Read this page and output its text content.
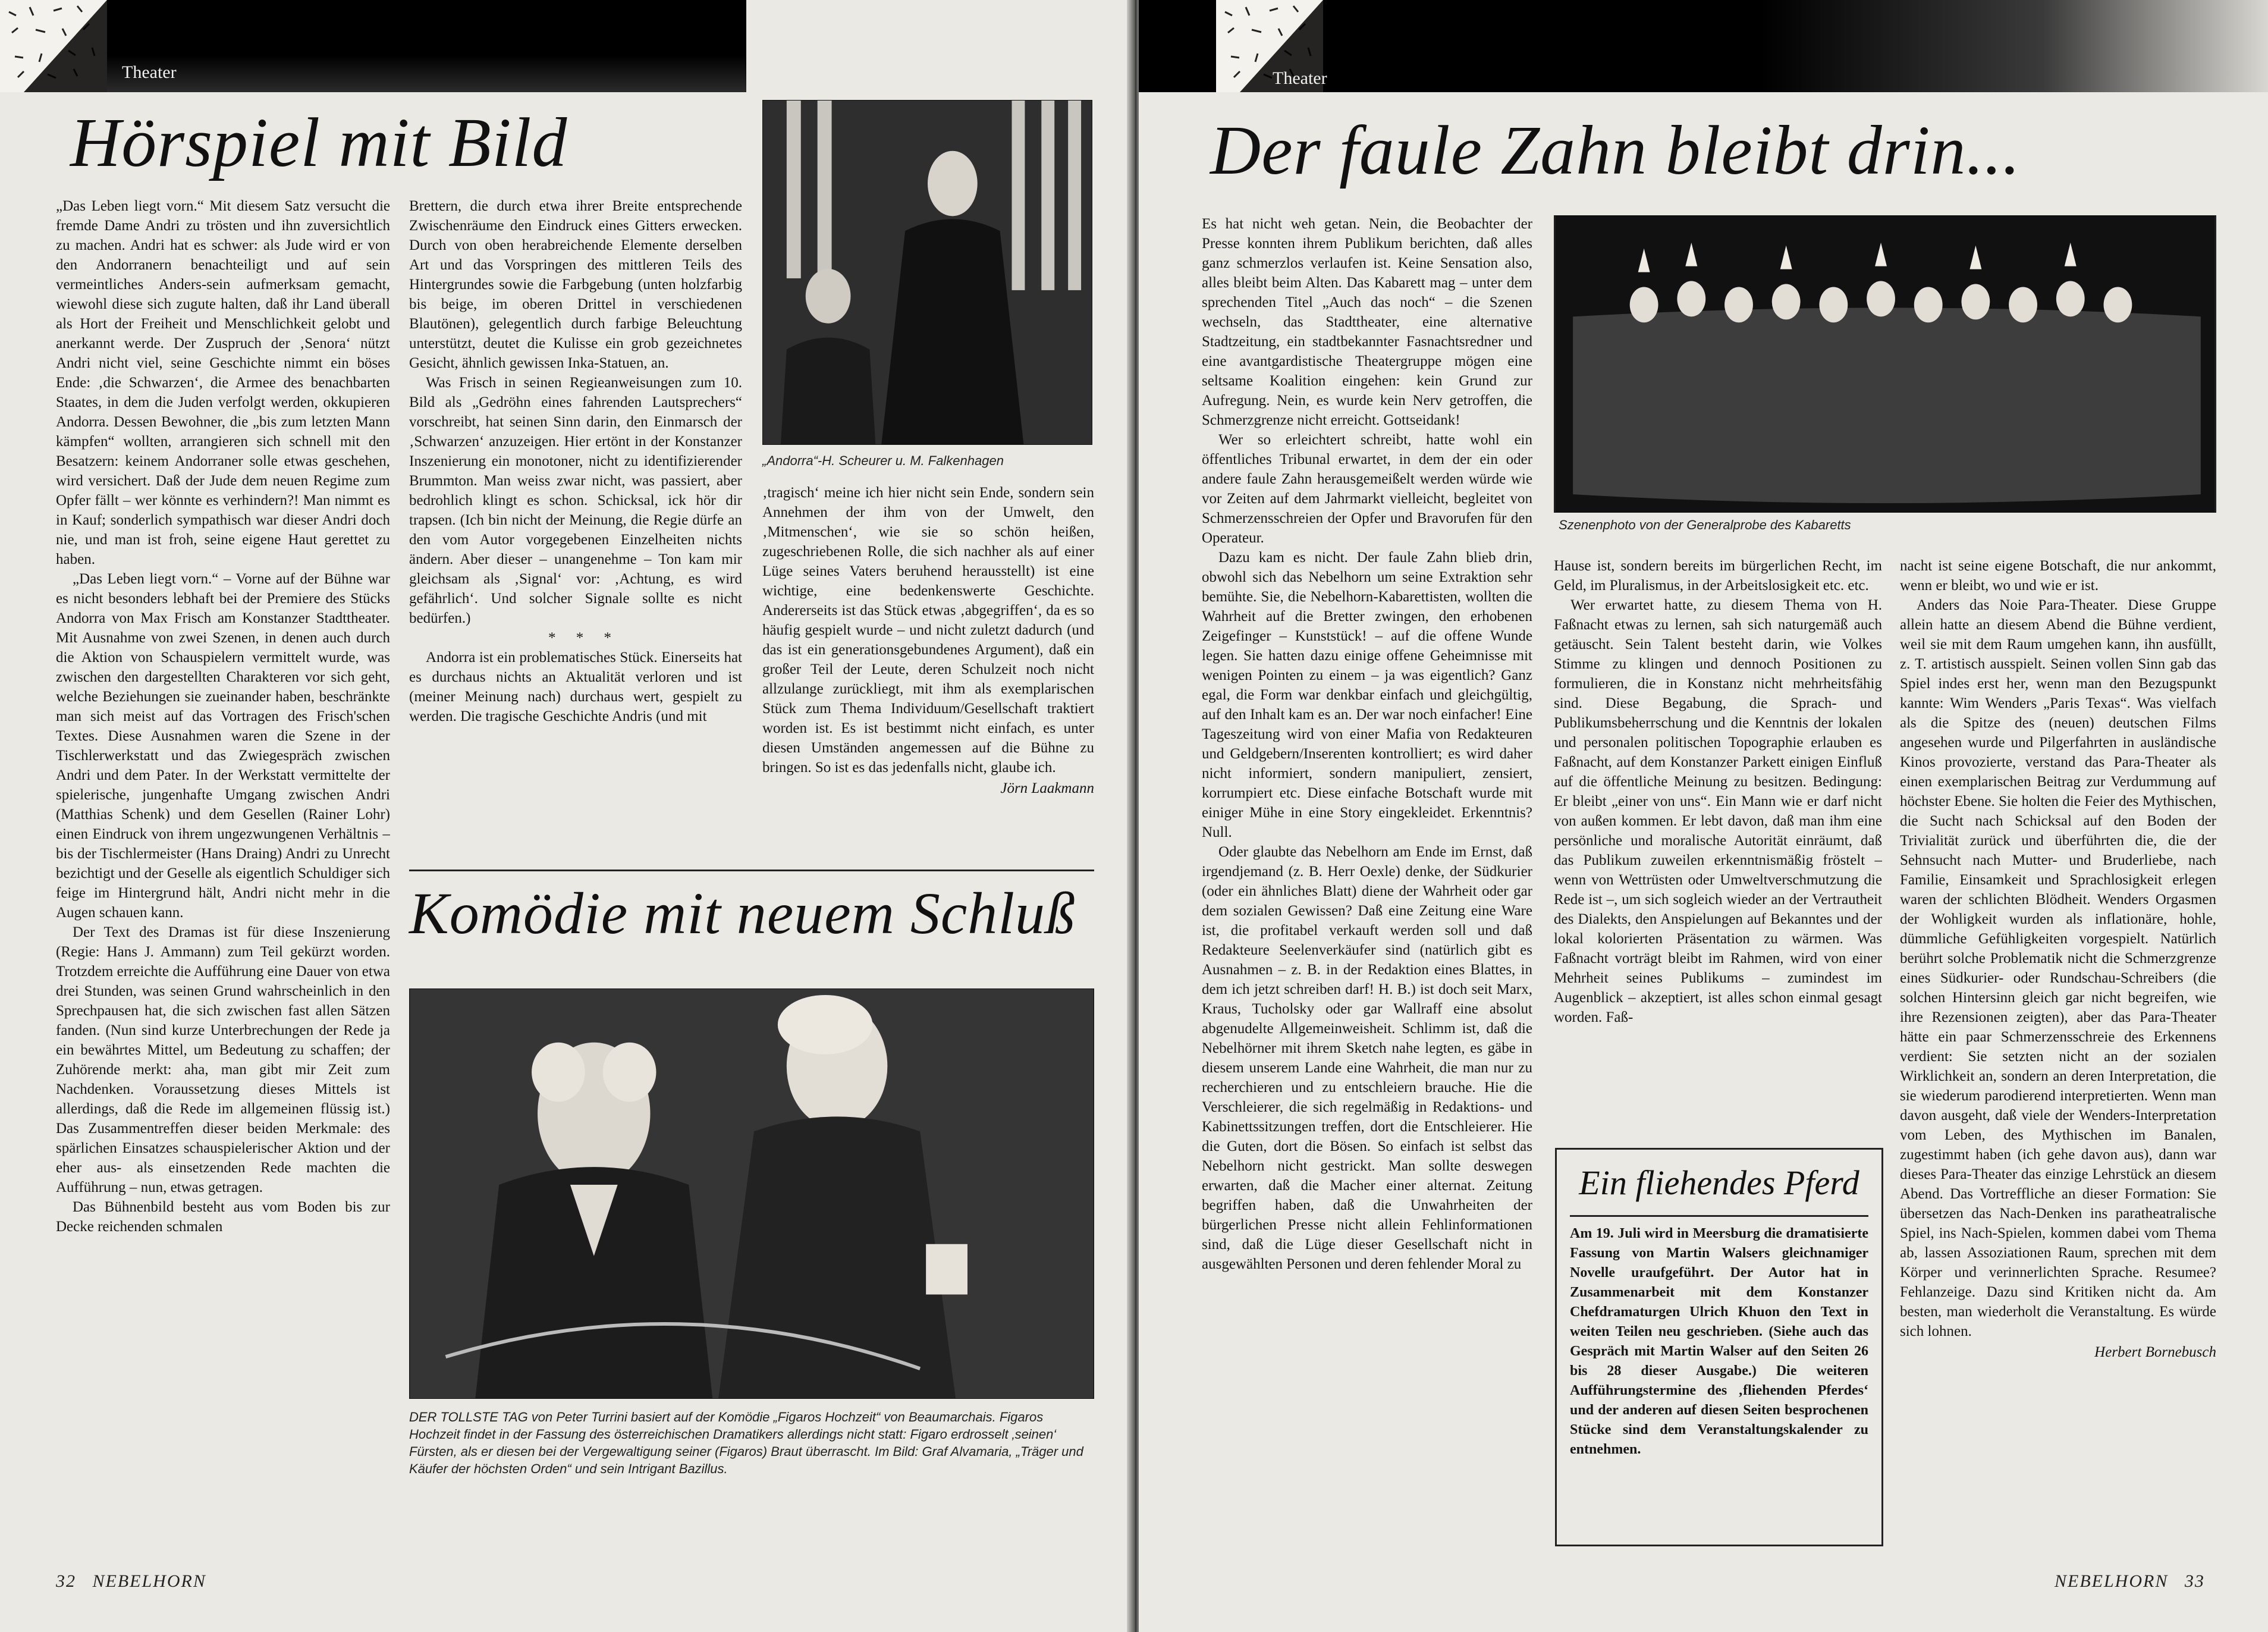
Theater
Hörspiel mit Bild

„Das Leben liegt vorn.“ Mit diesem Satz versucht die fremde Dame Andri zu trösten und ihn zuversichtlich zu machen. Andri hat es schwer: als Jude wird er von den Andorranern benachteiligt und auf sein vermeintliches Anders-sein aufmerksam gemacht, wiewohl diese sich zugute halten, daß ihr Land überall als Hort der Freiheit und Menschlichkeit gelobt und anerkannt werde. Der Zuspruch der ‚Senora‘ nützt Andri nicht viel, seine Geschichte nimmt ein böses Ende: ‚die Schwarzen‘, die Armee des benachbarten Staates, in dem die Juden verfolgt werden, okkupieren Andorra. Dessen Bewohner, die „bis zum letzten Mann kämpfen“ wollten, arrangieren sich schnell mit den Besatzern: keinem Andorraner solle etwas geschehen, wird versichert. Daß der Jude dem neuen Regime zum Opfer fällt – wer könnte es verhindern?! Man nimmt es in Kauf; sonderlich sympathisch war dieser Andri doch nie, und man ist froh, seine eigene Haut gerettet zu haben.

„Das Leben liegt vorn.“ – Vorne auf der Bühne war es nicht besonders lebhaft bei der Premiere des Stücks Andorra von Max Frisch am Konstanzer Stadttheater. Mit Ausnahme von zwei Szenen, in denen auch durch die Aktion von Schauspielern vermittelt wurde, was zwischen den dargestellten Charakteren vor sich geht, welche Beziehungen sie zueinander haben, beschränkte man sich meist auf das Vortragen des Frisch'schen Textes. Diese Ausnahmen waren die Szene in der Tischlerwerkstatt und das Zwiegespräch zwischen Andri und dem Pater. In der Werkstatt vermittelte der spielerische, jungenhafte Umgang zwischen Andri (Matthias Schenk) und dem Gesellen (Rainer Lohr) einen Eindruck von ihrem ungezwungenen Verhältnis – bis der Tischlermeister (Hans Draing) Andri zu Unrecht bezichtigt und der Geselle als eigentlich Schuldiger sich feige im Hintergrund hält, Andri nicht mehr in die Augen schauen kann.

Der Text des Dramas ist für diese Inszenierung (Regie: Hans J. Ammann) zum Teil gekürzt worden. Trotzdem erreichte die Aufführung eine Dauer von etwa drei Stunden, was seinen Grund wahrscheinlich in den Sprechpausen hat, die sich zwischen fast allen Sätzen fanden. (Nun sind kurze Unterbrechungen der Rede ja ein bewährtes Mittel, um Bedeutung zu schaffen; der Zuhörende merkt: aha, man gibt mir Zeit zum Nachdenken. Voraussetzung dieses Mittels ist allerdings, daß die Rede im allgemeinen flüssig ist.) Das Zusammentreffen dieser beiden Merkmale: des spärlichen Einsatzes schauspielerischer Aktion und der eher aus- als einsetzenden Rede machten die Aufführung – nun, etwas getragen.

Das Bühnenbild besteht aus vom Boden bis zur Decke reichenden schmalen

Brettern, die durch etwa ihrer Breite entsprechende Zwischenräume den Eindruck eines Gitters erwecken. Durch von oben herabreichende Elemente derselben Art und das Vorspringen des mittleren Teils des Hintergrundes sowie die Farbgebung (unten holzfarbig bis beige, im oberen Drittel in verschiedenen Blautönen), gelegentlich durch farbige Beleuchtung unterstützt, deutet die Kulisse ein grob gezeichnetes Gesicht, ähnlich gewissen Inka-Statuen, an.

Was Frisch in seinen Regieanweisungen zum 10. Bild als „Gedröhn eines fahrenden Lautsprechers“ vorschreibt, hat seinen Sinn darin, den Einmarsch der ‚Schwarzen‘ anzuzeigen. Hier ertönt in der Konstanzer Inszenierung ein monotoner, nicht zu identifizierender Brummton. Man weiss zwar nicht, was passiert, aber bedrohlich klingt es schon. Schicksal, ick hör dir trapsen. (Ich bin nicht der Meinung, die Regie dürfe an den vom Autor vorgegebenen Einzelheiten nichts ändern. Aber dieser – unangenehme – Ton kam mir gleichsam als ‚Signal‘ vor: ‚Achtung, es wird gefährlich‘. Und solcher Signale sollte es nicht bedürfen.)

* * *

Andorra ist ein problematisches Stück. Einerseits hat es durchaus nichts an Aktualität verloren und ist (meiner Meinung nach) durchaus wert, gespielt zu werden. Die tragische Geschichte Andris (und mit

„Andorra“-H. Scheurer u. M. Falkenhagen

‚tragisch‘ meine ich hier nicht sein Ende, sondern sein Annehmen der ihm von der Umwelt, den ‚Mitmenschen‘, wie sie so schön heißen, zugeschriebenen Rolle, die sich nachher als auf einer Lüge seines Vaters beruhend herausstellt) ist eine wichtige, eine bedenkenswerte Geschichte. Andererseits ist das Stück etwas ‚abgegriffen‘, da es so häufig gespielt wurde – und nicht zuletzt dadurch (und das ist ein generationsgebundenes Argument), daß ein großer Teil der Leute, deren Schulzeit noch nicht allzulange zurückliegt, mit ihm als exemplarischen Stück zum Thema Individuum/Gesellschaft traktiert worden ist. Es ist bestimmt nicht einfach, es unter diesen Umständen angemessen auf die Bühne zu bringen. So ist es das jedenfalls nicht, glaube ich.

Jörn Laakmann

Komödie mit neuem Schluß
DER TOLLSTE TAG von Peter Turrini basiert auf der Komödie „Figaros Hochzeit“ von Beaumarchais. Figaros Hochzeit findet in der Fassung des österreichischen Dramatikers allerdings nicht statt: Figaro erdrosselt ‚seinen‘ Fürsten, als er diesen bei der Vergewaltigung seiner (Figaros) Braut überrascht. Im Bild: Graf Alvamaria, „Träger und Käufer der höchsten Orden“ und sein Intrigant Bazillus.
32 NEBELHORN
Theater
Der faule Zahn bleibt drin...

Es hat nicht weh getan. Nein, die Beobachter der Presse konnten ihrem Publikum berichten, daß alles ganz schmerzlos verlaufen ist. Keine Sensation also, alles bleibt beim Alten. Das Kabarett mag – unter dem sprechenden Titel „Auch das noch“ – die Szenen wechseln, das Stadttheater, eine alternative Stadtzeitung, ein stadtbekannter Fasnachtsredner und eine avantgardistische Theatergruppe mögen eine seltsame Koalition eingehen: kein Grund zur Aufregung. Nein, es wurde kein Nerv getroffen, die Schmerzgrenze nicht erreicht. Gottseidank!

Wer so erleichtert schreibt, hatte wohl ein öffentliches Tribunal erwartet, in dem der ein oder andere faule Zahn herausgemeißelt werden würde wie vor Zeiten auf dem Jahrmarkt vielleicht, begleitet von Schmerzensschreien der Opfer und Bravorufen für den Operateur.

Dazu kam es nicht. Der faule Zahn blieb drin, obwohl sich das Nebelhorn um seine Extraktion sehr bemühte. Sie, die Nebelhorn-Kabarettisten, wollten die Wahrheit auf die Bretter zwingen, den erhobenen Zeigefinger – Kunststück! – auf die offene Wunde legen. Sie hatten dazu einige offene Geheimnisse mit wenigen Pointen zu einem – ja was eigentlich? Ganz egal, die Form war denkbar einfach und gleichgültig, auf den Inhalt kam es an. Der war noch einfacher! Eine Tageszeitung wird von einer Mafia von Redakteuren und Geldgebern/Inserenten kontrolliert; es wird daher nicht informiert, sondern manipuliert, zensiert, korrumpiert etc. Diese einfache Botschaft wurde mit einiger Mühe in eine Story eingekleidet. Erkenntnis? Null.

Oder glaubte das Nebelhorn am Ende im Ernst, daß irgendjemand (z. B. Herr Oexle) denke, der Südkurier (oder ein ähnliches Blatt) diene der Wahrheit oder gar dem sozialen Gewissen? Daß eine Zeitung eine Ware ist, die profitabel verkauft werden soll und daß Redakteure Seelenverkäufer sind (natürlich gibt es Ausnahmen – z. B. in der Redaktion eines Blattes, in dem ich jetzt schreiben darf! H. B.) ist doch seit Marx, Kraus, Tucholsky oder gar Wallraff eine absolut abgenudelte Allgemeinweisheit. Schlimm ist, daß die Nebelhörner mit ihrem Sketch nahe legten, es gäbe in diesem unserem Lande eine Wahrheit, die man nur zu recherchieren und zu entschleiern brauche. Hie die Verschleierer, die sich regelmäßig in Redaktions- und Kabinettssitzungen treffen, dort die Entschleierer. Hie die Guten, dort die Bösen. So einfach ist selbst das Nebelhorn nicht gestrickt. Man sollte deswegen erwarten, daß die Macher einer alternat. Zeitung begriffen haben, daß die Unwahrheiten der bürgerlichen Presse nicht allein Fehlinformationen sind, daß die Lüge dieser Gesellschaft nicht in ausgewählten Personen und deren fehlender Moral zu

Szenenphoto von der Generalprobe des Kabaretts

Hause ist, sondern bereits im bürgerlichen Recht, im Geld, im Pluralismus, in der Arbeitslosigkeit etc. etc.

Wer erwartet hatte, zu diesem Thema von H. Faßnacht etwas zu lernen, sah sich naturgemäß auch getäuscht. Sein Talent besteht darin, wie Volkes Stimme zu klingen und dennoch Positionen zu formulieren, die in Konstanz nicht mehrheitsfähig sind. Diese Begabung, die Sprach- und Publikumsbeherrschung und die Kenntnis der lokalen und personalen politischen Topographie erlauben es Faßnacht, auf dem Konstanzer Parkett einigen Einfluß auf die öffentliche Meinung zu besitzen. Bedingung: Er bleibt „einer von uns“. Ein Mann wie er darf nicht von außen kommen. Er lebt davon, daß man ihm eine persönliche und moralische Autorität einräumt, daß das Publikum zuweilen erkenntnismäßig fröstelt – wenn von Wettrüsten oder Umweltverschmutzung die Rede ist –, um sich sogleich wieder an der Vertrautheit des Dialekts, den Anspielungen auf Bekanntes und der lokal kolorierten Präsentation zu wärmen. Was Faßnacht vorträgt bleibt im Rahmen, wird von einer Mehrheit seines Publikums – zumindest im Augenblick – akzeptiert, ist alles schon einmal gesagt worden. Faß-

Ein fliehendes Pferd
Am 19. Juli wird in Meersburg die dramatisierte Fassung von Martin Walsers gleichnamiger Novelle uraufgeführt. Der Autor hat in Zusammenarbeit mit dem Konstanzer Chefdramaturgen Ulrich Khuon den Text in weiten Teilen neu geschrieben. (Siehe auch das Gespräch mit Martin Walser auf den Seiten 26 bis 28 dieser Ausgabe.) Die weiteren Aufführungstermine des ‚fliehenden Pferdes‘ und der anderen auf diesen Seiten besprochenen Stücke sind dem Veranstaltungskalender zu entnehmen.

nacht ist seine eigene Botschaft, die nur ankommt, wenn er bleibt, wo und wie er ist.

Anders das Noie Para-Theater. Diese Gruppe allein hatte an diesem Abend die Bühne verdient, weil sie mit dem Raum umgehen kann, ihn ausfüllt, z. T. artistisch ausspielt. Seinen vollen Sinn gab das Spiel indes erst her, wenn man den Bezugspunkt kannte: Wim Wenders „Paris Texas“. Was vielfach als die Spitze des (neuen) deutschen Films angesehen wurde und Pilgerfahrten in ausländische Kinos provozierte, verstand das Para-Theater als einen exemplarischen Beitrag zur Verdummung auf höchster Ebene. Sie holten die Feier des Mythischen, die Sucht nach Schicksal auf den Boden der Trivialität zurück und überführten die, die der Sehnsucht nach Mutter- und Bruderliebe, nach Familie, Einsamkeit und Sprachlosigkeit erlegen waren der schlichten Blödheit. Wenders Orgasmen der Wohligkeit wurden als inflationäre, hohle, dümmliche Gefühligkeiten vorgespielt. Natürlich berührt solche Problematik nicht die Schmerzgrenze eines Südkurier- oder Rundschau-Schreibers (die solchen Hintersinn gleich gar nicht begreifen, wie ihre Rezensionen zeigten), aber das Para-Theater hätte ein paar Schmerzensschreie des Erkennens verdient: Sie setzten nicht an der sozialen Wirklichkeit an, sondern an deren Interpretation, die sie wiederum parodierend interpretierten. Wenn man davon ausgeht, daß viele der Wenders-Interpretation vom Leben, des Mythischen im Banalen, zugestimmt haben (ich gehe davon aus), dann war dieses Para-Theater das einzige Lehrstück an diesem Abend. Das Vortreffliche an dieser Formation: Sie übersetzen das Nach-Denken ins paratheatralische Spiel, ins Nach-Spielen, kommen dabei vom Thema ab, lassen Assoziationen Raum, sprechen mit dem Körper und verinnerlichten Sprache. Resumee? Fehlanzeige. Dazu sind Kritiken nicht da. Am besten, man wiederholt die Veranstaltung. Es würde sich lohnen.

Herbert Bornebusch

NEBELHORN 33
